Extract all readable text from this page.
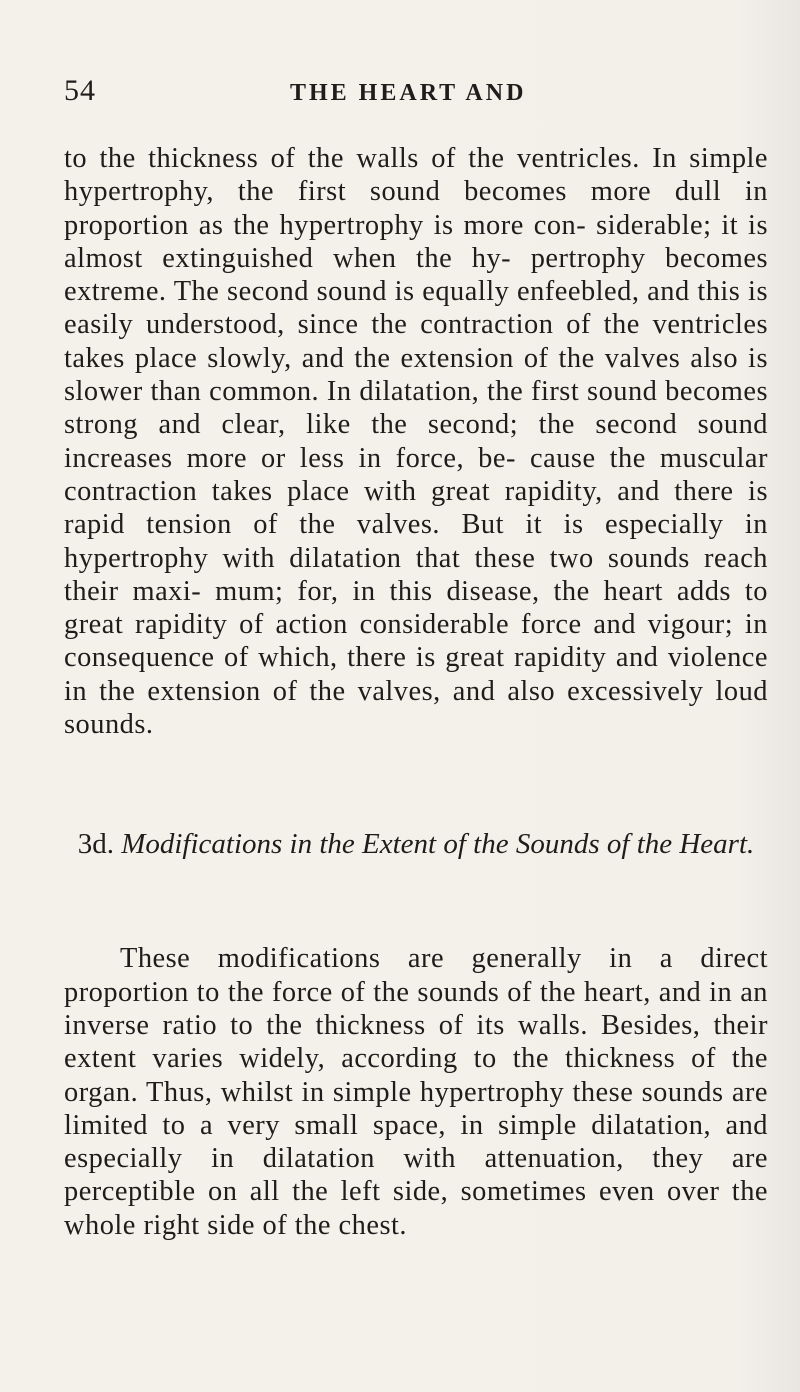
54	THE HEART AND

to the thickness of the walls of the ventricles. In simple hypertrophy, the first sound becomes more dull in proportion as the hypertrophy is more con- siderable; it is almost extinguished when the hy- pertrophy becomes extreme. The second sound is equally enfeebled, and this is easily understood, since the contraction of the ventricles takes place slowly, and the extension of the valves also is slower than common. In dilatation, the first sound becomes strong and clear, like the second; the second sound increases more or less in force, be- cause the muscular contraction takes place with great rapidity, and there is rapid tension of the valves. But it is especially in hypertrophy with dilatation that these two sounds reach their maxi- mum; for, in this disease, the heart adds to great rapidity of action considerable force and vigour; in consequence of which, there is great rapidity and violence in the extension of the valves, and also excessively loud sounds.

3d. Modifications in the Extent of the Sounds of the Heart.

These modifications are generally in a direct proportion to the force of the sounds of the heart, and in an inverse ratio to the thickness of its walls. Besides, their extent varies widely, according to the thickness of the organ. Thus, whilst in simple hypertrophy these sounds are limited to a very small space, in simple dilatation, and especially in dilatation with attenuation, they are perceptible on all the left side, sometimes even over the whole right side of the chest.
